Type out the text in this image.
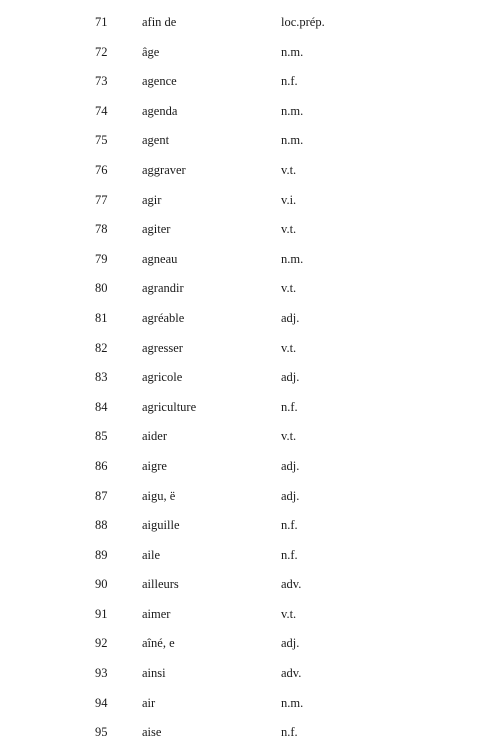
71	afin de	loc.prép.
72	âge	n.m.
73	agence	n.f.
74	agenda	n.m.
75	agent	n.m.
76	aggraver	v.t.
77	agir	v.i.
78	agiter	v.t.
79	agneau	n.m.
80	agrandir	v.t.
81	agréable	adj.
82	agresser	v.t.
83	agricole	adj.
84	agriculture	n.f.
85	aider	v.t.
86	aigre	adj.
87	aigu, ë	adj.
88	aiguille	n.f.
89	aile	n.f.
90	ailleurs	adv.
91	aimer	v.t.
92	aîné, e	adj.
93	ainsi	adv.
94	air	n.m.
95	aise	n.f.
